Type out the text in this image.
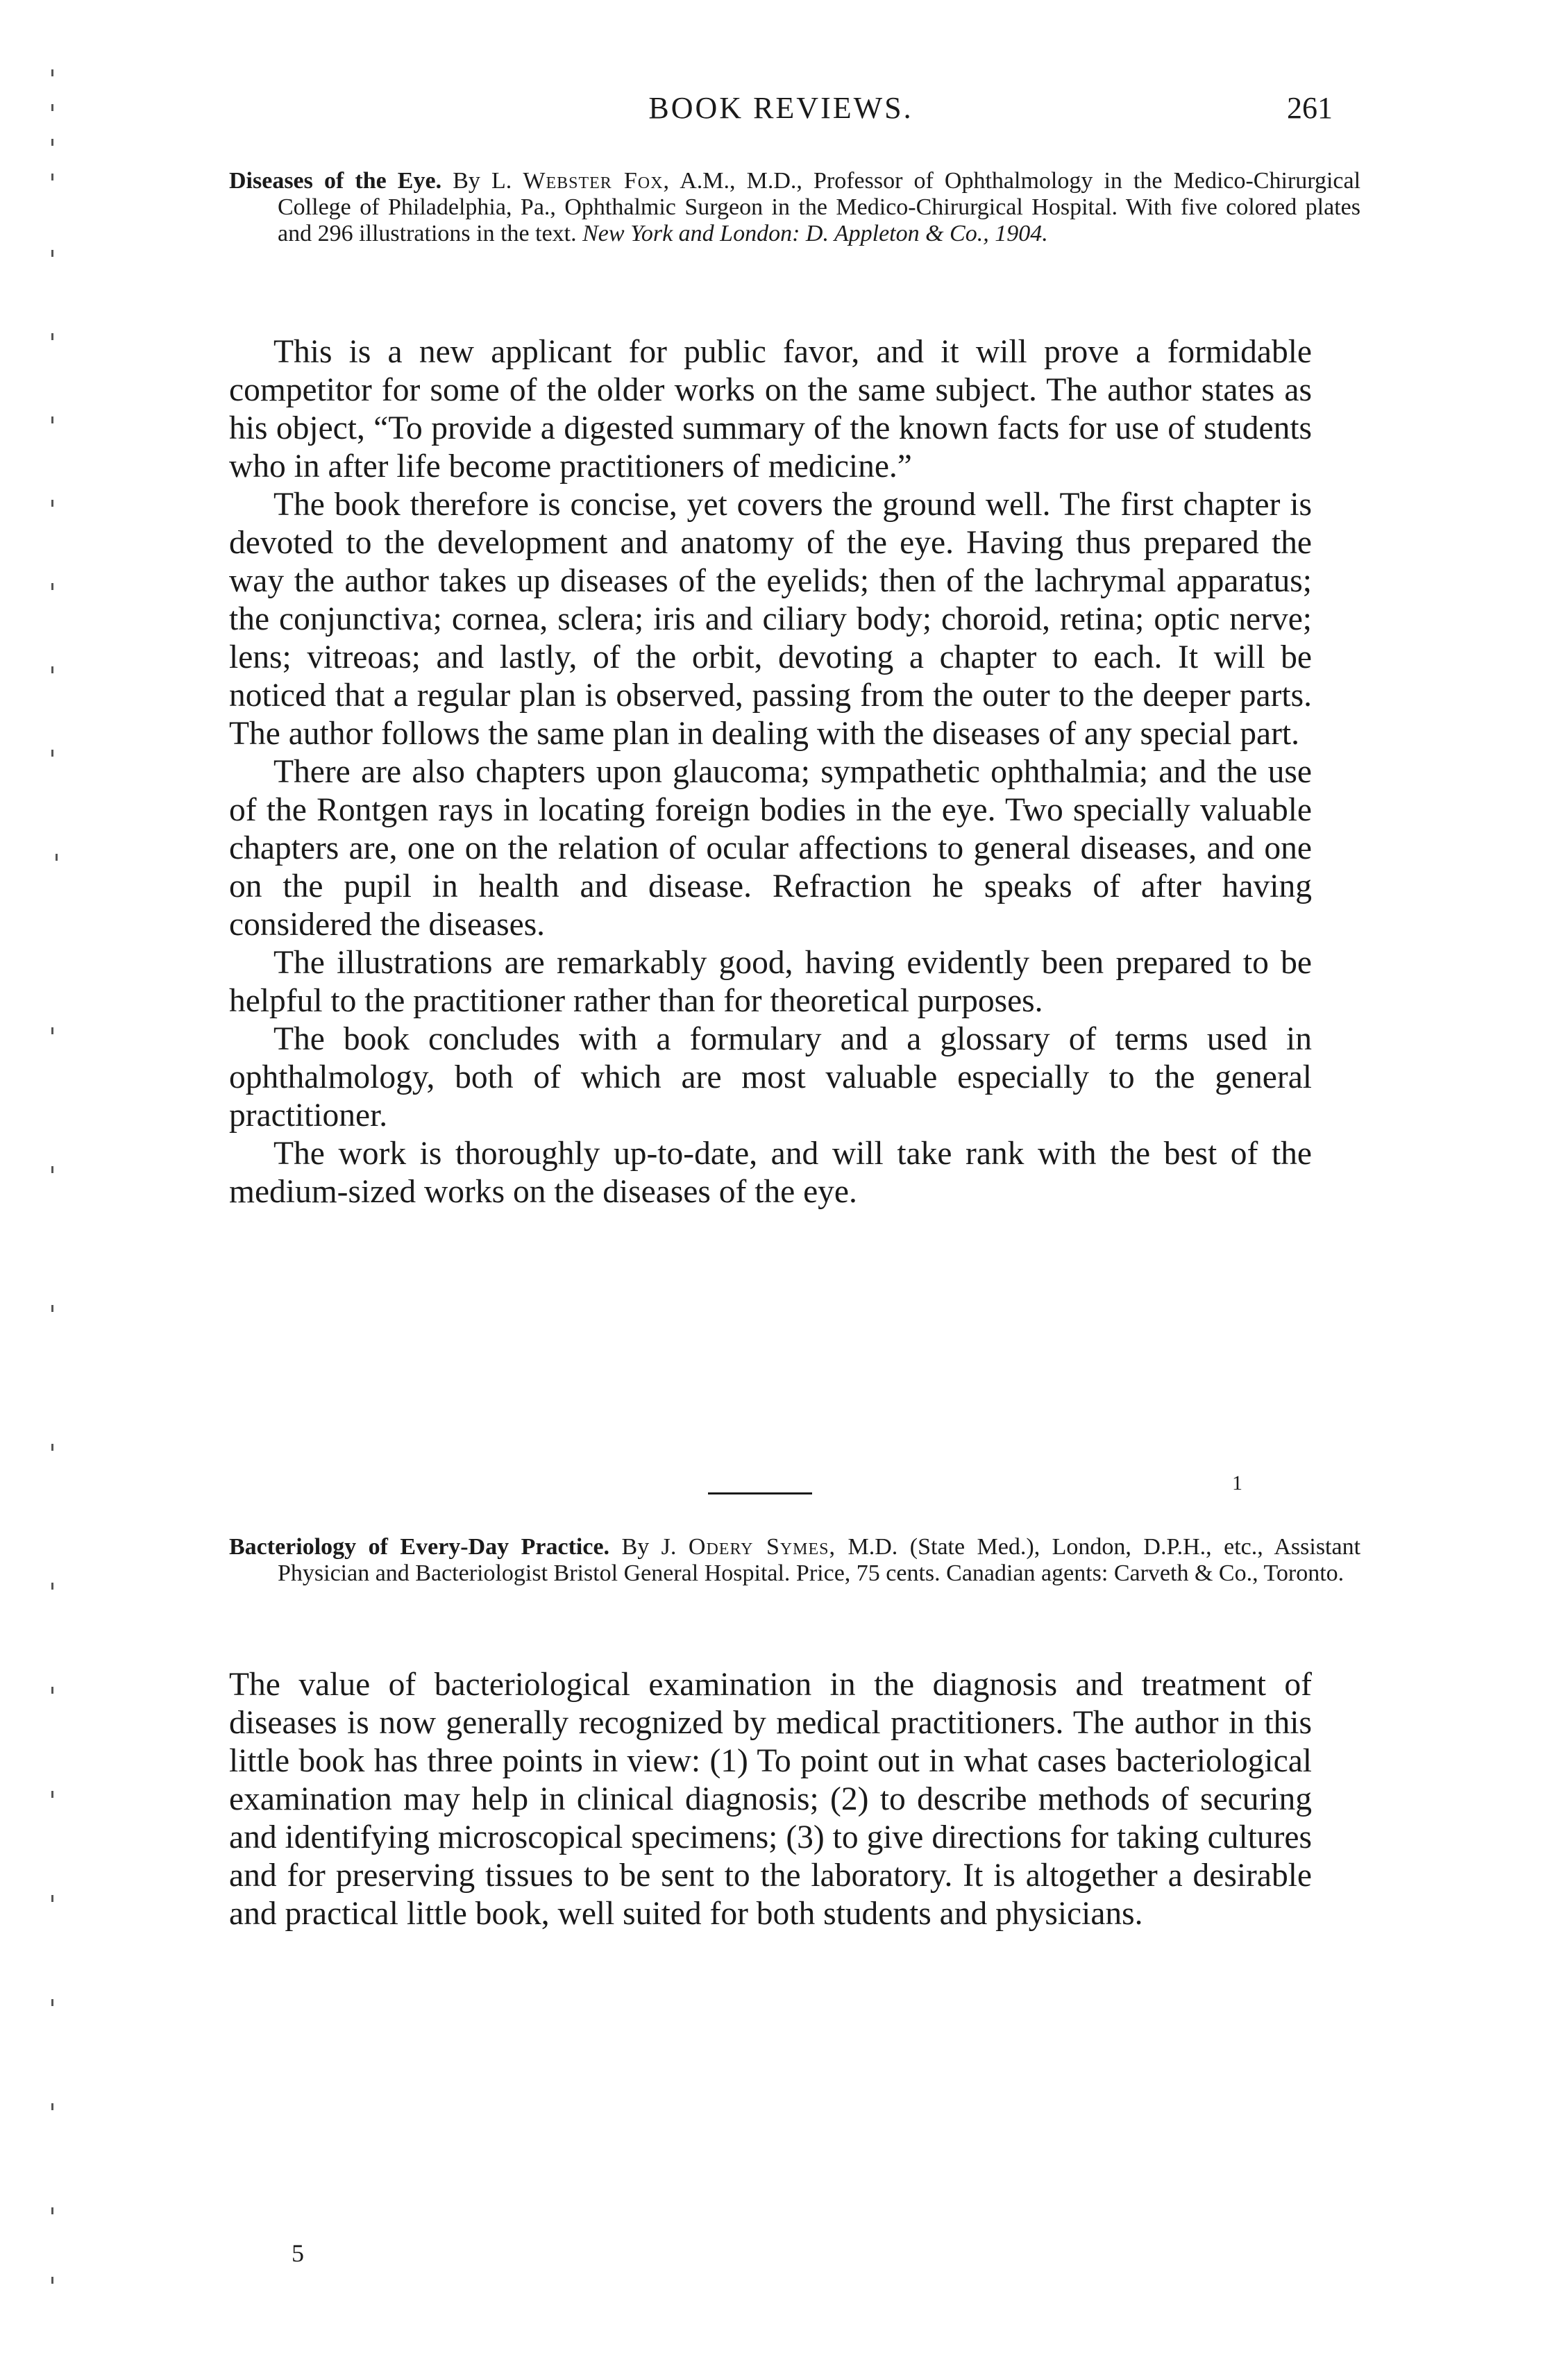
BOOK REVIEWS.	261
Diseases of the Eye. By L. Webster Fox, A.M., M.D., Professor of Ophthalmology in the Medico-Chirurgical College of Philadelphia, Pa., Ophthalmic Surgeon in the Medico-Chirurgical Hospital. With five colored plates and 296 illustrations in the text. New York and London: D. Appleton & Co., 1904.

This is a new applicant for public favor, and it will prove a formidable competitor for some of the older works on the same subject. The author states as his object, “To provide a digested summary of the known facts for use of students who in after life become practitioners of medicine.”

The book therefore is concise, yet covers the ground well. The first chapter is devoted to the development and anatomy of the eye. Having thus prepared the way the author takes up diseases of the eyelids; then of the lachrymal apparatus; the conjunctiva; cornea, sclera; iris and ciliary body; choroid, retina; optic nerve; lens; vitreoas; and lastly, of the orbit, devoting a chapter to each. It will be noticed that a regular plan is observed, passing from the outer to the deeper parts. The author follows the same plan in dealing with the diseases of any special part.

There are also chapters upon glaucoma; sympathetic ophthalmia; and the use of the Rontgen rays in locating foreign bodies in the eye. Two specially valuable chapters are, one on the relation of ocular affections to general diseases, and one on the pupil in health and disease. Refraction he speaks of after having considered the diseases.

The illustrations are remarkably good, having evidently been prepared to be helpful to the practitioner rather than for theoretical purposes.

The book concludes with a formulary and a glossary of terms used in ophthalmology, both of which are most valuable especially to the general practitioner.

The work is thoroughly up-to-date, and will take rank with the best of the medium-sized works on the diseases of the eye.

1
Bacteriology of Every-Day Practice. By J. Odery Symes, M.D. (State Med.), London, D.P.H., etc., Assistant Physician and Bacteriologist Bristol General Hospital. Price, 75 cents. Canadian agents: Carveth & Co., Toronto.

The value of bacteriological examination in the diagnosis and treatment of diseases is now generally recognized by medical practitioners. The author in this little book has three points in view: (1) To point out in what cases bacteriological examination may help in clinical diagnosis; (2) to describe methods of securing and identifying microscopical specimens; (3) to give directions for taking cultures and for preserving tissues to be sent to the laboratory. It is altogether a desirable and practical little book, well suited for both students and physicians.

5
